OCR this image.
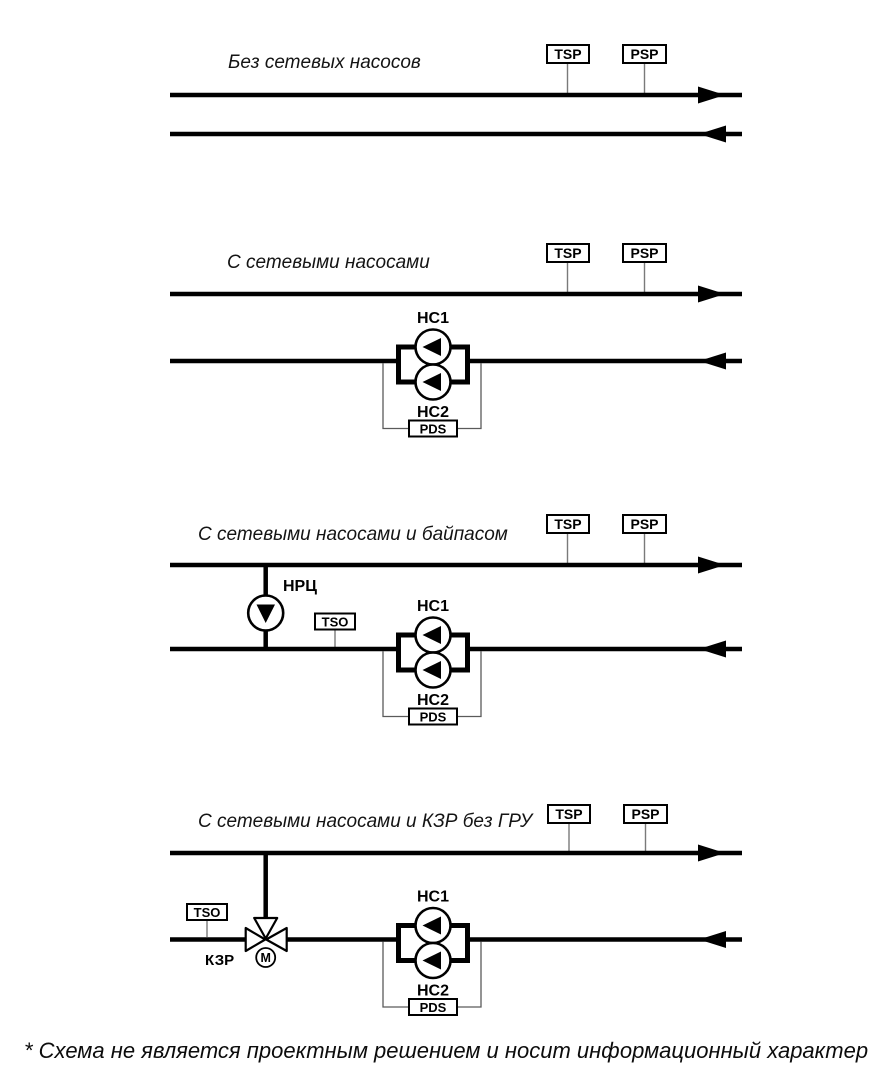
Без сетевых насосов	TSP	PSP
С сетевыми насосами	TSP	PSP
НС1
НС2
PDS
С сетевыми насосами и байпасом	TSP	PSP
НРЦ
TSO
НС1
НС2
PDS
С сетевыми насосами и КЗР без ГРУ TSP	PSP
TSO
M
КЗР
НС1
НС2
PDS
* Схема не является проектным решением и носит информационный характер
